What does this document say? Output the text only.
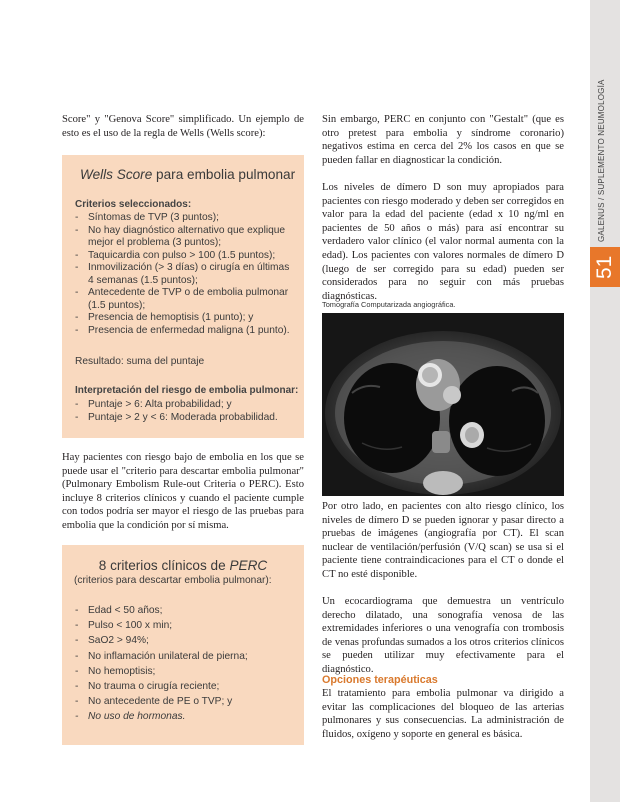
GALENUS / SUPLEMENTO NEUMOLOGÍA
51

Score" y "Genova Score" simplificado. Un ejemplo de esto es el uso de la regla de Wells (Wells score):

Wells Score para embolia pulmonar
Criterios seleccionados:
- Síntomas de TVP (3 puntos);
- No hay diagnóstico alternativo que explique mejor el problema (3 puntos);
- Taquicardia con pulso > 100 (1.5 puntos);
- Inmovilización (> 3 días) o cirugía en últimas 4 semanas (1.5 puntos);
- Antecedente de TVP o de embolia pulmonar (1.5 puntos);
- Presencia de hemoptisis (1 punto); y
- Presencia de enfermedad maligna (1 punto).
Resultado: suma del puntaje
Interpretación del riesgo de embolia pulmonar:
- Puntaje > 6: Alta probabilidad; y
- Puntaje > 2 y < 6: Moderada probabilidad.

Hay pacientes con riesgo bajo de embolia en los que se puede usar el "criterio para descartar embolia pulmonar" (Pulmonary Embolism Rule-out Criteria o PERC). Esto incluye 8 criterios clínicos y cuando el paciente cumple con todos podría ser mayor el riesgo de las pruebas para embolia que la condición por sí misma.

8 criterios clínicos de PERC
(criterios para descartar embolia pulmonar):
- Edad < 50 años;
- Pulso < 100 x min;
- SaO2 > 94%;
- No inflamación unilateral de pierna;
- No hemoptisis;
- No trauma o cirugía reciente;
- No antecedente de PE o TVP; y
- No uso de hormonas.

Sin embargo, PERC en conjunto con "Gestalt" (que es otro pretest para embolia y síndrome coronario) negativos estima en cerca del 2% los casos en que se pueden fallar en diagnosticar la condición.

Los niveles de dímero D son muy apropiados para pacientes con riesgo moderado y deben ser corregidos en valor para la edad del paciente (edad x 10 ng/ml en pacientes de 50 años o más) para así encontrar su verdadero valor clínico (el valor normal aumenta con la edad). Los pacientes con valores normales de dímero D (luego de ser corregido para su edad) pueden ser considerados para no seguir con más pruebas diagnósticas.

Tomografía Computarizada angiográfica.

Por otro lado, en pacientes con alto riesgo clínico, los niveles de dímero D se pueden ignorar y pasar directo a pruebas de imágenes (angiografía por CT). El scan nuclear de ventilación/perfusión (V/Q scan) se usa si el paciente tiene contraindicaciones para el CT o donde el CT no esté disponible.

Un ecocardiograma que demuestra un ventrículo derecho dilatado, una sonografía venosa de las extremidades inferiores o una venografía con trombosis de venas profundas sumados a los otros criterios clínicos se pueden utilizar muy efectivamente para el diagnóstico.

Opciones terapéuticas

El tratamiento para embolia pulmonar va dirigido a evitar las complicaciones del bloqueo de las arterias pulmonares y sus consecuencias. La administración de fluidos, oxígeno y soporte en general es básica.
